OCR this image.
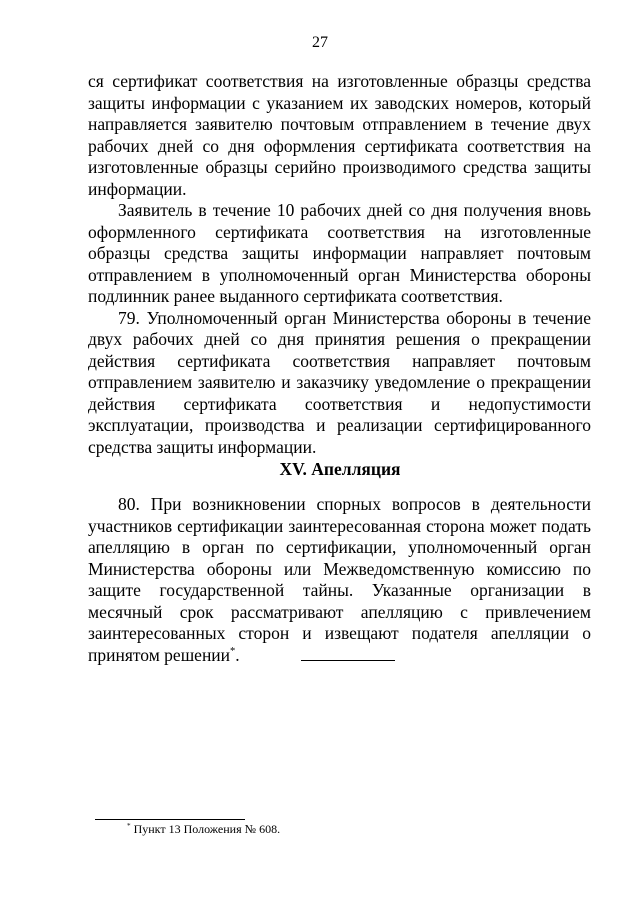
27

ся сертификат соответствия на изготовленные образцы средства защиты информации с указанием их заводских номеров, который направляется заявителю почтовым отправлением в течение двух рабочих дней со дня оформления сертификата соответствия на изготовленные образцы серийно производимого средства защиты информации.

Заявитель в течение 10 рабочих дней со дня получения вновь оформленного сертификата соответствия на изготовленные образцы средства защиты информации направляет почтовым отправлением в уполномоченный орган Министерства обороны подлинник ранее выданного сертификата соответствия.

79. Уполномоченный орган Министерства обороны в течение двух рабочих дней со дня принятия решения о прекращении действия сертификата соответствия направляет почтовым отправлением заявителю и заказчику уведомление о прекращении действия сертификата соответствия и недопустимости эксплуатации, производства и реализации сертифицированного средства защиты информации.

XV. Апелляция

80. При возникновении спорных вопросов в деятельности участников сертификации заинтересованная сторона может подать апелляцию в орган по сертификации, уполномоченный орган Министерства обороны или Межведомственную комиссию по защите государственной тайны. Указанные организации в месячный срок рассматривают апелляцию с привлечением заинтересованных сторон и извещают подателя апелляции о принятом решении*.

* Пункт 13 Положения № 608.
